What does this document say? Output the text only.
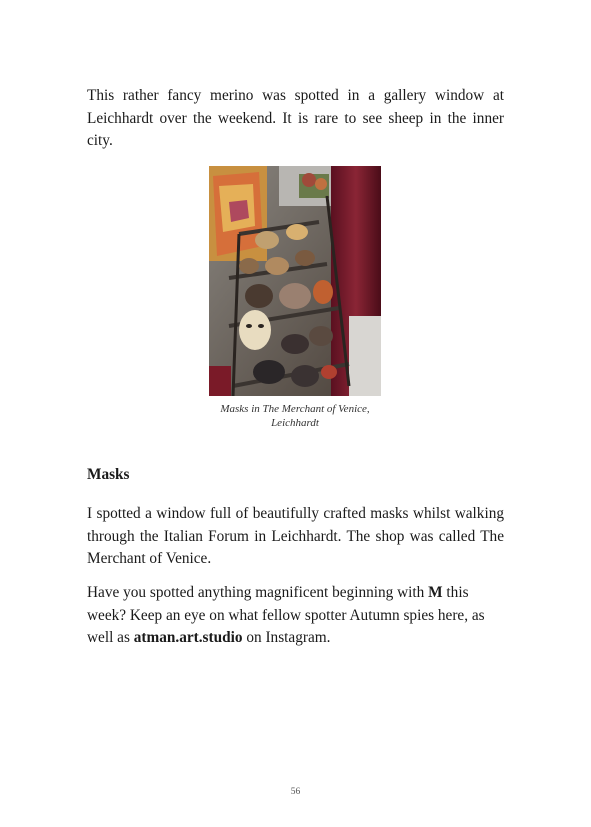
This rather fancy merino was spotted in a gallery window at Leichhardt over the weekend. It is rare to see sheep in the inner city.

Masks in The Merchant of Venice,
Leichhardt

Masks

I spotted a window full of beautifully crafted masks whilst walking through the Italian Forum in Leichhardt. The shop was called The Merchant of Venice.

Have you spotted anything magnificent beginning with M this week? Keep an eye on what fellow spotter Autumn spies here, as well as atman.art.studio on Instagram.

56
